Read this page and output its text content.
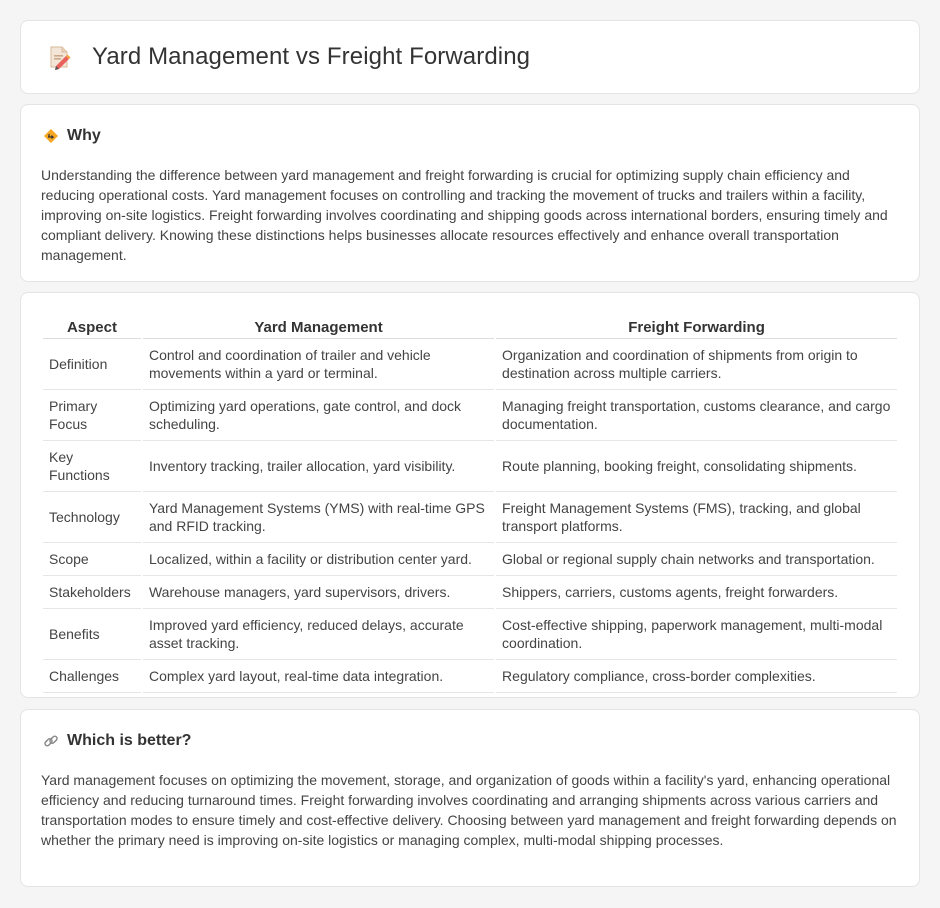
Yard Management vs Freight Forwarding
Why

Understanding the difference between yard management and freight forwarding is crucial for optimizing supply chain efficiency and reducing operational costs. Yard management focuses on controlling and tracking the movement of trucks and trailers within a facility, improving on-site logistics. Freight forwarding involves coordinating and shipping goods across international borders, ensuring timely and compliant delivery. Knowing these distinctions helps businesses allocate resources effectively and enhance overall transportation management.

Aspect	Yard Management	Freight Forwarding
Definition	Control and coordination of trailer and vehicle movements within a yard or terminal.	Organization and coordination of shipments from origin to destination across multiple carriers.
Primary Focus	Optimizing yard operations, gate control, and dock scheduling.	Managing freight transportation, customs clearance, and cargo documentation.
Key Functions	Inventory tracking, trailer allocation, yard visibility.	Route planning, booking freight, consolidating shipments.
Technology	Yard Management Systems (YMS) with real-time GPS and RFID tracking.	Freight Management Systems (FMS), tracking, and global transport platforms.
Scope	Localized, within a facility or distribution center yard.	Global or regional supply chain networks and transportation.
Stakeholders	Warehouse managers, yard supervisors, drivers.	Shippers, carriers, customs agents, freight forwarders.
Benefits	Improved yard efficiency, reduced delays, accurate asset tracking.	Cost-effective shipping, paperwork management, multi-modal coordination.
Challenges	Complex yard layout, real-time data integration.	Regulatory compliance, cross-border complexities.
Which is better?

Yard management focuses on optimizing the movement, storage, and organization of goods within a facility's yard, enhancing operational efficiency and reducing turnaround times. Freight forwarding involves coordinating and arranging shipments across various carriers and transportation modes to ensure timely and cost-effective delivery. Choosing between yard management and freight forwarding depends on whether the primary need is improving on-site logistics or managing complex, multi-modal shipping processes.
